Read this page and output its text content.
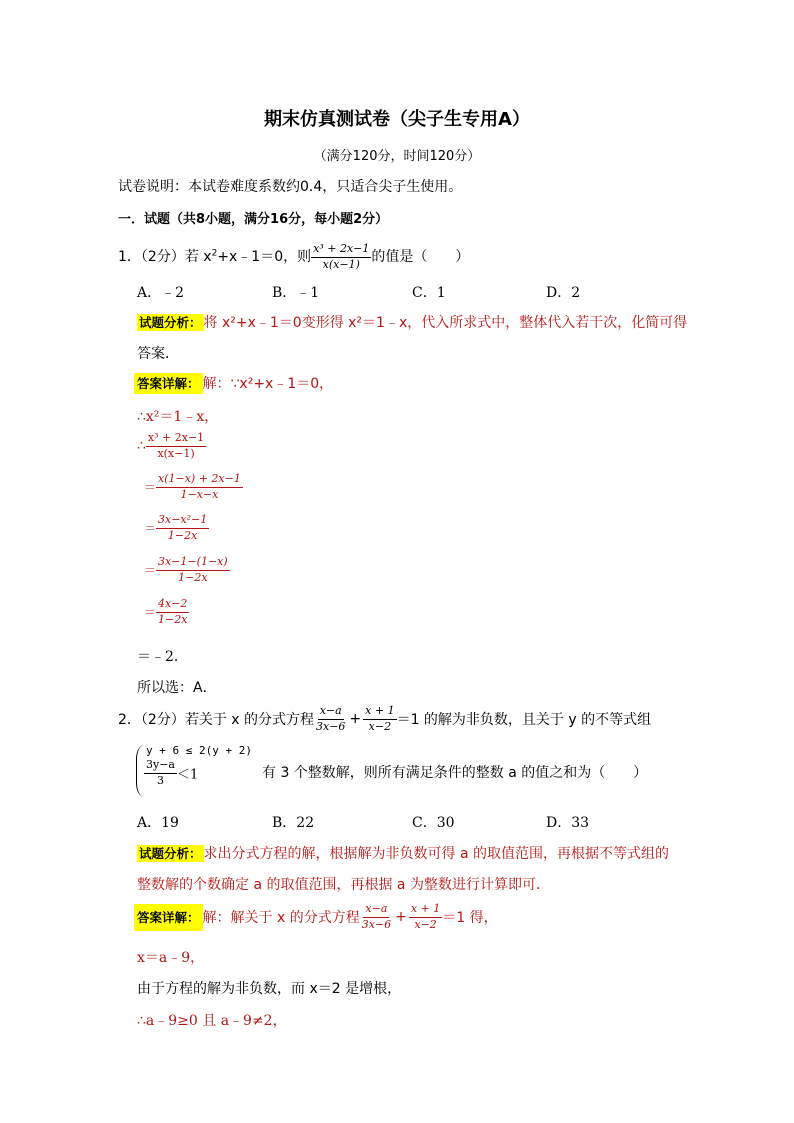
期末仿真测试卷（尖子生专用A）
（满分120分，时间120分）
试卷说明：本试卷难度系数约0.4，只适合尖子生使用。
一．试题（共8小题，满分16分，每小题2分）
1．（2分）若 $x^2+x﹣1=0$，则 $\frac{\text{x³ + 2x−1}}{x(x-1)}$ 的值是（　　）
A．﹣2	B．﹣1	C．1	D．2
试题分析： 将 x²+x﹣1＝0变形得 x²＝1﹣x，代入所求式中，整体代入若干次，化简可得
答案．
答案详解： 解：∵x²+x﹣1＝0，
∴x²＝1﹣x，
∴ $\frac{\text{x³ + 2x−1}}{x(x-1)}$
＝ $\frac{x(1-x) + 2x-1}{1-x-x}$
＝ $\frac{\text{3x−x²−1}}{1-2x}$
＝ $\frac{3x-1-(1-x)}{1-2x}$
＝ $\frac{4x-2}{1-2x}$
＝﹣2．
所以选：A．
2．（2分）若关于 x 的分式方程 $\frac{x-a}{3x-6} + \frac{x + 1}{x-2} =1$ 的解为非负数，且关于 y 的不等式组
y + 6 ≤ 2(y + 2)
$\frac{3y-a}{3} <1$	有 3 个整数解，则所有满足条件的整数 a 的值之和为（　　）
A．19	B．22	C．30	D．33
试题分析： 求出分式方程的解，根据解为非负数可得 a 的取值范围，再根据不等式组的
整数解的个数确定 a 的取值范围，再根据 a 为整数进行计算即可．
答案详解： 解：解关于 x 的分式方程 $\frac{x-a}{3x-6} + \frac{x + 1}{x-2} =1$ 得，
x＝a﹣9，
由于方程的解为非负数，而 x＝2 是增根，
∴a﹣9≥0 且 a﹣9≠2，
